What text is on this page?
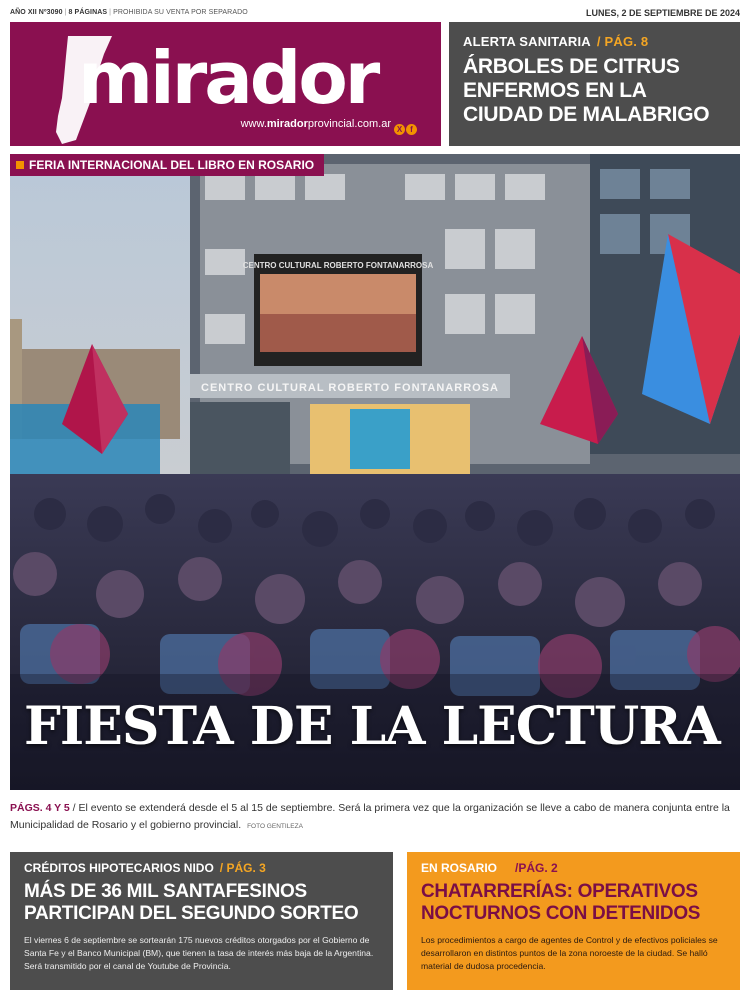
AÑO XII Nº3090 | 8 PÁGINAS | PROHIBIDA SU VENTA POR SEPARADO	LUNES, 2 DE SEPTIEMBRE DE 2024
mirador
www.miradorprovincial.com.ar X f
ALERTA SANITARIA / PÁG. 8
ÁRBOLES DE CITRUS ENFERMOS EN LA CIUDAD DE MALABRIGO
CENTRO CULTURAL ROBERTO FONTANARROSA
CENTRO CULTURAL ROBERTO FONTANARROSA
FERIA INTERNACIONAL DEL LIBRO EN ROSARIO
FIESTA DE LA LECTURA
PÁGS. 4 Y 5 / El evento se extenderá desde el 5 al 15 de septiembre. Será la primera vez que la organización se lleve a cabo de manera conjunta entre la Municipalidad de Rosario y el gobierno provincial. FOTO GENTILEZA
CRÉDITOS HIPOTECARIOS NIDO / PÁG. 3
MÁS DE 36 MIL SANTAFESINOS PARTICIPAN DEL SEGUNDO SORTEO
El viernes 6 de septiembre se sortearán 175 nuevos créditos otorgados por el Gobierno de Santa Fe y el Banco Municipal (BM), que tienen la tasa de interés más baja de la Argentina. Será transmitido por el canal de Youtube de Provincia.
EN ROSARIO /PÁG. 2
CHATARRERÍAS: OPERATIVOS NOCTURNOS CON DETENIDOS
Los procedimientos a cargo de agentes de Control y de efectivos policiales se desarrollaron en distintos puntos de la zona noroeste de la ciudad. Se halló material de dudosa procedencia.
